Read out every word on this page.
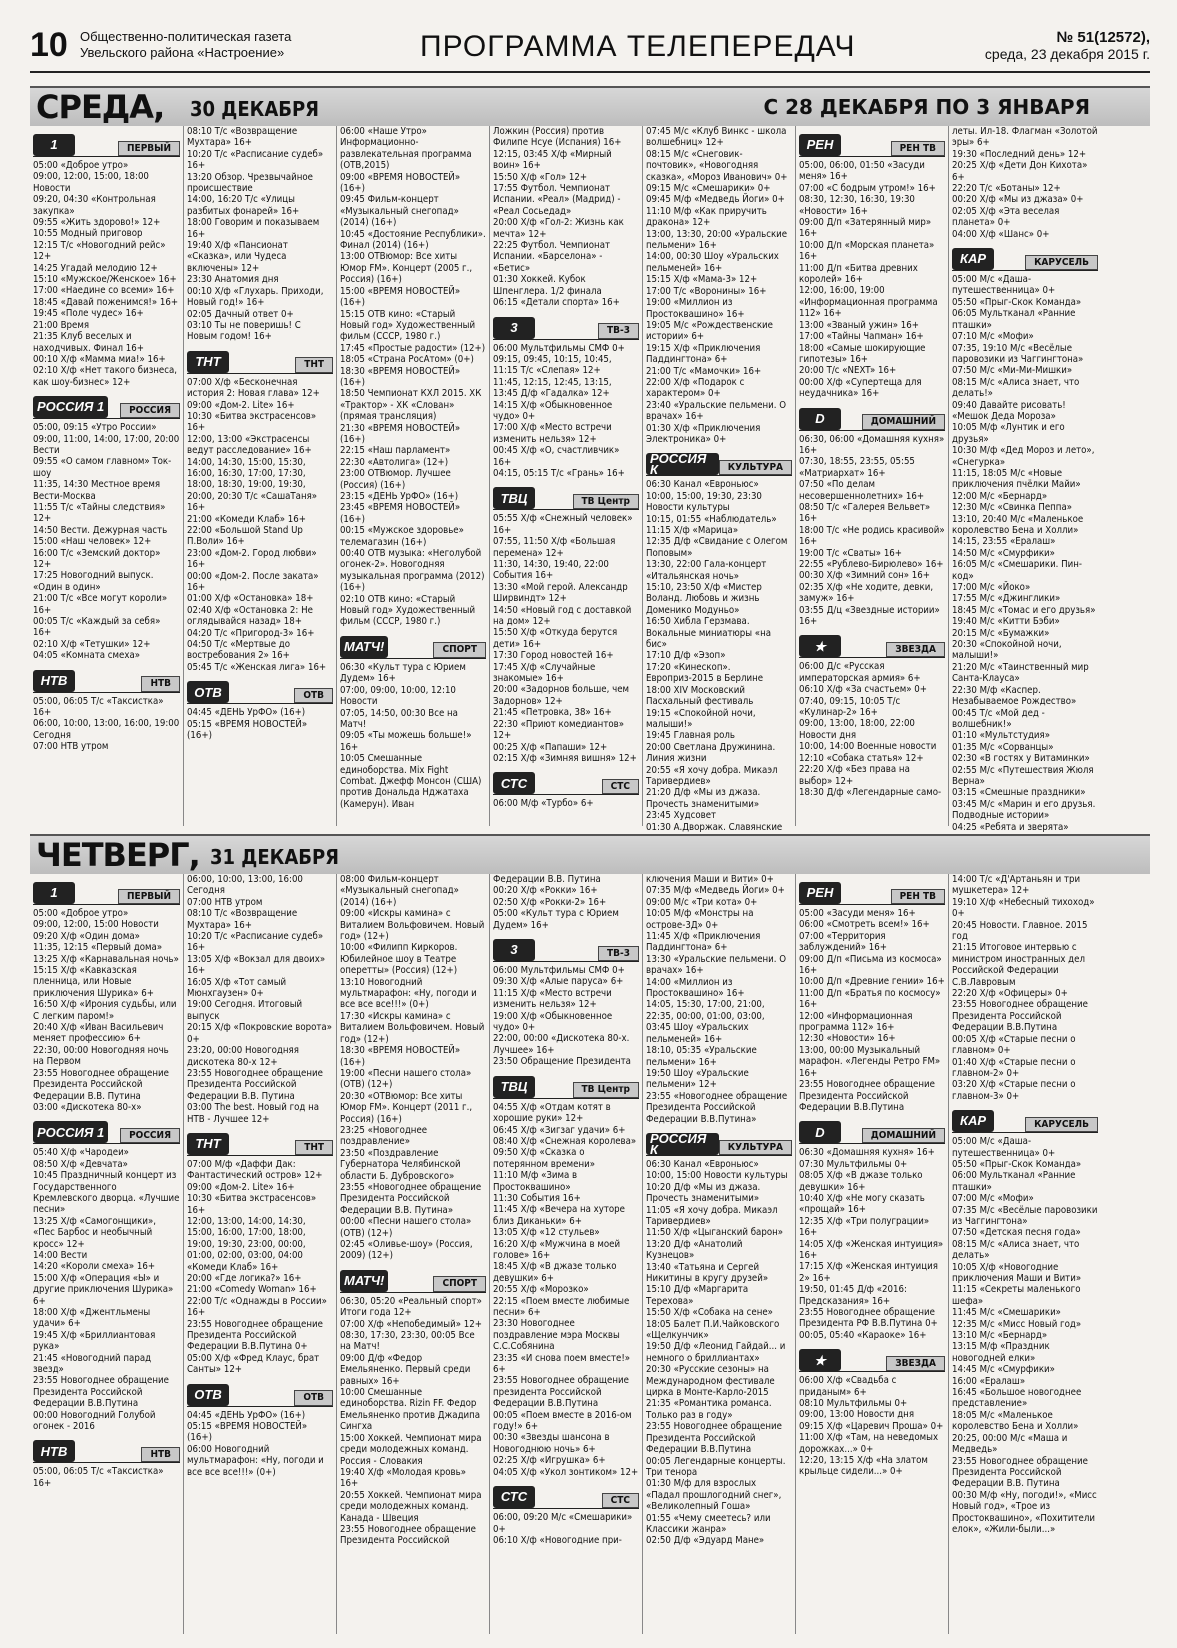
10 Общественно-политическая газета
Увельского района «Настроение»	ПРОГРАММА ТЕЛЕПЕРЕДАЧ	№ 51(12572),
среда, 23 декабря 2015 г.
СРЕДА, 30 ДЕКАБРЯ	С 28 ДЕКАБРЯ ПО 3 ЯНВАРЯ
1	ПЕРВЫЙ
05:00 «Доброе утро»
09:00, 12:00, 15:00, 18:00 Новости
09:20, 04:30 «Контрольная закупка»
09:55 «Жить здорово!» 12+
10:55 Модный приговор
12:15 Т/с «Новогодний рейс» 12+
14:25 Угадай мелодию 12+
15:10 «Мужское/Женское» 16+
17:00 «Наедине со всеми» 16+
18:45 «Давай поженимся!» 16+
19:45 «Поле чудес» 16+
21:00 Время
21:35 Клуб веселых и находчивых. Финал 16+
00:10 Х/ф «Мамма миа!» 16+
02:10 Х/ф «Нет такого бизнеса, как шоу-бизнес» 12+
РОССИЯ 1	РОССИЯ
05:00, 09:15 «Утро России»
09:00, 11:00, 14:00, 17:00, 20:00 Вести
09:55 «О самом главном» Ток-шоу
11:35, 14:30 Местное время Вести-Москва
11:55 Т/с «Тайны следствия» 12+
14:50 Вести. Дежурная часть
15:00 «Наш человек» 12+
16:00 Т/с «Земский доктор» 12+
17:25 Новогодний выпуск. «Один в один»
21:00 Т/с «Все могут короли» 16+
00:05 Т/с «Каждый за себя» 16+
02:10 Х/ф «Тетушки» 12+
04:05 «Комната смеха»
НТВ	НТВ
05:00, 06:05 Т/с «Таксистка» 16+
06:00, 10:00, 13:00, 16:00, 19:00 Сегодня
07:00 НТВ утром
08:10 Т/с «Возвращение Мухтара» 16+
10:20 Т/с «Расписание судеб» 16+
13:20 Обзор. Чрезвычайное происшествие
14:00, 16:20 Т/с «Улицы разбитых фонарей» 16+
18:00 Говорим и показываем 16+
19:40 Х/ф «Пансионат «Сказка», или Чудеса включены» 12+
23:30 Анатомия дня
00:10 Х/ф «Глухарь. Приходи, Новый год!» 16+
02:05 Дачный ответ 0+
03:10 Ты не поверишь! С Новым годом! 16+
ТНТ	ТНТ
07:00 Х/ф «Бесконечная история 2: Новая глава» 12+
09:00 «Дом-2. Lite» 16+
10:30 «Битва экстрасенсов» 16+
12:00, 13:00 «Экстрасенсы ведут расследование» 16+
14:00, 14:30, 15:00, 15:30, 16:00, 16:30, 17:00, 17:30, 18:00, 18:30, 19:00, 19:30, 20:00, 20:30 Т/с «СашаТаня» 16+
21:00 «Комеди Клаб» 16+
22:00 «Большой Stand Up П.Воли» 16+
23:00 «Дом-2. Город любви» 16+
00:00 «Дом-2. После заката» 16+
01:00 Х/ф «Остановка» 18+
02:40 Х/ф «Остановка 2: Не оглядывайся назад» 18+
04:20 Т/с «Пригород-3» 16+
04:50 Т/с «Мертвые до востребования 2» 16+
05:45 Т/с «Женская лига» 16+
ОТВ	ОТВ
04:45 «ДЕНЬ УрФО» (16+)
05:15 «ВРЕМЯ НОВОСТЕЙ» (16+)
06:00 «Наше Утро» Информационно-развлекательная программа (ОТВ,2015)
09:00 «ВРЕМЯ НОВОСТЕЙ» (16+)
09:45 Фильм-концерт «Музыкальный снегопад» (2014) (16+)
10:45 «Достояние Республики». Финал (2014) (16+)
13:00 ОТВюмор: Все хиты Юмор FM». Концерт (2005 г., Россия) (16+)
15:00 «ВРЕМЯ НОВОСТЕЙ» (16+)
15:15 ОТВ кино: «Старый Новый год» Художественный фильм (СССР, 1980 г.)
17:45 «Простые радости» (12+)
18:05 «Страна РосАтом» (0+)
18:30 «ВРЕМЯ НОВОСТЕЙ» (16+)
18:50 Чемпионат КХЛ 2015. ХК «Трактор» - ХК «Слован» (прямая трансляция)
21:30 «ВРЕМЯ НОВОСТЕЙ» (16+)
22:15 «Наш парламент»
22:30 «Автолига» (12+)
23:00 ОТВюмор. Лучшее (Россия) (16+)
23:15 «ДЕНЬ УрФО» (16+)
23:45 «ВРЕМЯ НОВОСТЕЙ» (16+)
00:15 «Мужское здоровье» телемагазин (16+)
00:40 ОТВ музыка: «Неголубой огонек-2». Новогодняя музыкальная программа (2012) (16+)
02:10 ОТВ кино: «Старый Новый год» Художественный фильм (СССР, 1980 г.)
МАТЧ!	СПОРТ
06:30 «Культ тура с Юрием Дудем» 16+
07:00, 09:00, 10:00, 12:10 Новости
07:05, 14:50, 00:30 Все на Матч!
09:05 «Ты можешь больше!» 16+
10:05 Смешанные единоборства. Mix Fight Combat. Джефф Монсон (США) против Дональда Нджатаха (Камерун). Иван
Ложкин (Россия) против Филипе Нсуе (Испания) 16+
12:15, 03:45 Х/ф «Мирный воин» 16+
15:50 Х/ф «Гол» 12+
17:55 Футбол. Чемпионат Испании. «Реал» (Мадрид) - «Реал Сосьедад»
20:00 Х/ф «Гол-2: Жизнь как мечта» 12+
22:25 Футбол. Чемпионат Испании. «Барселона» - «Бетис»
01:30 Хоккей. Кубок Шпенглера. 1/2 финала
06:15 «Детали спорта» 16+
3	ТВ-3
06:00 Мультфильмы СМФ 0+
09:15, 09:45, 10:15, 10:45, 11:15 Т/с «Слепая» 12+
11:45, 12:15, 12:45, 13:15, 13:45 Д/ф «Гадалка» 12+
14:15 Х/ф «Обыкновенное чудо» 0+
17:00 Х/ф «Место встречи изменить нельзя» 12+
00:45 Х/ф «О, счастливчик» 16+
04:15, 05:15 Т/с «Грань» 16+
ТВЦ	ТВ Центр
05:55 Х/ф «Снежный человек» 16+
07:55, 11:50 Х/ф «Большая перемена» 12+
11:30, 14:30, 19:40, 22:00 События 16+
13:30 «Мой герой. Александр Ширвиндт» 12+
14:50 «Новый год с доставкой на дом» 12+
15:50 Х/ф «Откуда берутся дети» 16+
17:30 Город новостей 16+
17:45 Х/ф «Случайные знакомые» 16+
20:00 «Задорнов больше, чем Задорнов» 12+
21:45 «Петровка, 38» 16+
22:30 «Приют комедиантов» 12+
00:25 Х/ф «Папаши» 12+
02:15 Х/ф «Зимняя вишня» 12+
СТС	СТС
06:00 М/ф «Турбо» 6+
07:45 М/с «Клуб Винкс - школа волшебниц» 12+
08:15 М/с «Снеговик-почтовик», «Новогодняя сказка», «Мороз Иванович» 0+
09:15 М/с «Смешарики» 0+
09:45 М/ф «Медведь Йоги» 0+
11:10 М/ф «Как приручить дракона» 12+
13:00, 13:30, 20:00 «Уральские пельмени» 16+
14:00, 00:30 Шоу «Уральских пельменей» 16+
15:15 Х/ф «Мама-3» 12+
17:00 Т/с «Воронины» 16+
19:00 «Миллион из Простоквашино» 16+
19:05 М/с «Рождественские истории» 6+
19:15 Х/ф «Приключения Паддингтона» 6+
21:00 Т/с «Мамочки» 16+
22:00 Х/ф «Подарок с характером» 0+
23:40 «Уральские пельмени. О врачах» 16+
01:30 Х/ф «Приключения Электроника» 0+
РОССИЯ К	КУЛЬТУРА
06:30 Канал «Евроньюс»
10:00, 15:00, 19:30, 23:30 Новости культуры
10:15, 01:55 «Наблюдатель»
11:15 Х/ф «Марица»
12:35 Д/ф «Свидание с Олегом Поповым»
13:30, 22:00 Гала-концерт «Итальянская ночь»
15:10, 23:50 Х/ф «Мистер Воланд. Любовь и жизнь Доменико Модуньо»
16:50 Хибла Герзмава. Вокальные миниатюры «на бис»
17:10 Д/ф «Эзоп»
17:20 «Кинескоп». Европриз-2015 в Берлине
18:00 XIV Московский Пасхальный фестиваль
19:15 «Спокойной ночи, малыши!»
19:45 Главная роль
20:00 Светлана Дружинина. Линия жизни
20:55 «Я хочу добра. Микаэл Таривердиев»
21:20 Д/ф «Мы из джаза. Прочесть знаменитыми»
23:45 Худсовет
01:30 А.Дворжак. Славянские
РЕН	РЕН ТВ
05:00, 06:00, 01:50 «Засуди меня» 16+
07:00 «С бодрым утром!» 16+
08:30, 12:30, 16:30, 19:30 «Новости» 16+
09:00 Д/п «Затерянный мир» 16+
10:00 Д/п «Морская планета» 16+
11:00 Д/п «Битва древних королей» 16+
12:00, 16:00, 19:00 «Информационная программа 112» 16+
13:00 «Званый ужин» 16+
17:00 «Тайны Чапман» 16+
18:00 «Самые шокирующие гипотезы» 16+
20:00 Т/с «NEXT» 16+
00:00 Х/ф «Супертеща для неудачника» 16+
D	ДОМАШНИЙ
06:30, 06:00 «Домашняя кухня» 16+
07:30, 18:55, 23:55, 05:55 «Матриархат» 16+
07:50 «По делам несовершеннолетних» 16+
08:50 Т/с «Галерея Вельвет» 16+
18:00 Т/с «Не родись красивой» 16+
19:00 Т/с «Сваты» 16+
22:55 «Рублево-Бирюлево» 16+
00:30 Х/ф «Зимний сон» 16+
02:35 Х/ф «Не ходите, девки, замуж» 16+
03:55 Д/ц «Звездные истории» 16+
★	ЗВЕЗДА
06:00 Д/с «Русская императорская армия» 6+
06:10 Х/ф «За счастьем» 0+
07:40, 09:15, 10:05 Т/с «Кулинар-2» 16+
09:00, 13:00, 18:00, 22:00 Новости дня
10:00, 14:00 Военные новости
12:10 «Собака статья» 12+
22:20 Х/ф «Без права на выбор» 12+
18:30 Д/ф «Легендарные само-
леты. Ил-18. Флагман «Золотой эры» 6+
19:30 «Последний день» 12+
20:25 Х/ф «Дети Дон Кихота» 6+
22:20 Т/с «Ботаны» 12+
00:20 Х/ф «Мы из джаза» 0+
02:05 Х/ф «Эта веселая планета» 0+
04:00 Х/ф «Шанс» 0+
КАР	КАРУСЕЛЬ
05:00 М/с «Даша-путешественница» 0+
05:50 «Прыг-Скок Команда»
06:05 Мультканал «Ранние пташки»
07:10 М/с «Мофи»
07:35, 19:10 М/с «Весёлые паровозики из Чаггингтона»
07:50 М/с «Ми-Ми-Мишки»
08:15 М/с «Алиса знает, что делать!»
09:40 Давайте рисовать! «Мешок Деда Мороза»
10:05 М/ф «Лунтик и его друзья»
10:30 М/ф «Дед Мороз и лето», «Снегурка»
11:15, 18:05 М/с «Новые приключения пчёлки Майи»
12:00 М/с «Бернард»
12:30 М/с «Свинка Пеппа»
13:10, 20:40 М/с «Маленькое королевство Бена и Холли»
14:15, 23:55 «Ералаш»
14:50 М/с «Смурфики»
16:05 М/с «Смешарики. Пин-код»
17:00 М/с «Йоко»
17:55 М/с «Джинглики»
18:45 М/с «Томас и его друзья»
19:40 М/с «Китти Бэби»
20:15 М/с «Бумажки»
20:30 «Спокойной ночи, малыши!»
21:20 М/с «Таинственный мир Санта-Клауса»
22:30 М/ф «Каспер. Незабываемое Рождество»
00:45 Т/с «Мой дед - волшебник!»
01:10 «Мультстудия»
01:35 М/с «Сорванцы»
02:30 «В гостях у Витаминки»
02:55 М/с «Путешествия Жюля Верна»
03:15 «Смешные праздники»
03:45 М/с «Марин и его друзья. Подводные истории»
04:25 «Ребята и зверята»
ЧЕТВЕРГ, 31 ДЕКАБРЯ
1	ПЕРВЫЙ
05:00 «Доброе утро»
09:00, 12:00, 15:00 Новости
09:20 Х/ф «Один дома»
11:35, 12:15 «Первый дома»
13:25 Х/ф «Карнавальная ночь»
15:15 Х/ф «Кавказская пленница, или Новые приключения Шурика» 6+
16:50 Х/ф «Ирония судьбы, или С легким паром!»
20:40 Х/ф «Иван Васильевич меняет профессию» 6+
22:30, 00:00 Новогодняя ночь на Первом
23:55 Новогоднее обращение Президента Российской Федерации В.В. Путина
03:00 «Дискотека 80-х»
РОССИЯ 1	РОССИЯ
05:40 Х/ф «Чародеи»
08:50 Х/ф «Девчата»
10:45 Праздничный концерт из Государственного Кремлевского дворца. «Лучшие песни»
13:25 Х/ф «Самогонщики», «Пес Барбос и необычный кросс» 12+
14:00 Вести
14:20 «Короли смеха» 16+
15:00 Х/ф «Операция «Ы» и другие приключения Шурика» 6+
18:00 Х/ф «Джентльмены удачи» 6+
19:45 Х/ф «Бриллиантовая рука»
21:45 «Новогодний парад звезд»
23:55 Новогоднее обращение Президента Российской Федерации В.В.Путина
00:00 Новогодний Голубой огонек - 2016
НТВ	НТВ
05:00, 06:05 Т/с «Таксистка» 16+
06:00, 10:00, 13:00, 16:00 Сегодня
07:00 НТВ утром
08:10 Т/с «Возвращение Мухтара» 16+
10:20 Т/с «Расписание судеб» 16+
13:05 Х/ф «Вокзал для двоих» 16+
16:05 Х/ф «Тот самый Мюнхгаузен» 0+
19:00 Сегодня. Итоговый выпуск
20:15 Х/ф «Покровские ворота» 0+
23:20, 00:00 Новогодняя дискотека 80-х 12+
23:55 Новогоднее обращение Президента Российской Федерации В.В. Путина
03:00 The best. Новый год на НТВ - Лучшее 12+
ТНТ	ТНТ
07:00 М/ф «Даффи Дак: Фантастический остров» 12+
09:00 «Дом-2. Lite» 16+
10:30 «Битва экстрасенсов» 16+
12:00, 13:00, 14:00, 14:30, 15:00, 16:00, 17:00, 18:00, 19:00, 19:30, 23:00, 00:00, 01:00, 02:00, 03:00, 04:00 «Комеди Клаб» 16+
20:00 «Где логика?» 16+
21:00 «Comedy Woman» 16+
22:00 Т/с «Однажды в России» 16+
23:55 Новогоднее обращение Президента Российской Федерации В.В.Путина 0+
05:00 Х/ф «Фред Клаус, брат Санты» 12+
ОТВ	ОТВ
04:45 «ДЕНЬ УрФО» (16+)
05:15 «ВРЕМЯ НОВОСТЕЙ» (16+)
06:00 Новогодний мультмарафон: «Ну, погоди и все все все!!!» (0+)
08:00 Фильм-концерт «Музыкальный снегопад» (2014) (16+)
09:00 «Искры камина» с Виталием Вольфовичем. Новый год» (12+)
10:00 «Филипп Киркоров. Юбилейное шоу в Театре оперетты» (Россия) (12+)
13:10 Новогодний мультмарафон: «Ну, погоди и все все все!!!» (0+)
17:30 «Искры камина» с Виталием Вольфовичем. Новый год» (12+)
18:30 «ВРЕМЯ НОВОСТЕЙ» (16+)
19:00 «Песни нашего стола» (ОТВ) (12+)
20:30 «ОТВюмор: Все хиты Юмор FM». Концерт (2011 г., Россия) (16+)
23:25 «Новогоднее поздравление»
23:50 «Поздравление Губернатора Челябинской области Б. Дубровского»
23:55 «Новогоднее обращение Президента Российской Федерации В.В. Путина»
00:00 «Песни нашего стола» (ОТВ) (12+)
02:45 «Оливье-шоу» (Россия, 2009) (12+)
МАТЧ!	СПОРТ
06:30, 05:20 «Реальный спорт» Итоги года 12+
07:00 Х/ф «Непобедимый» 12+
08:30, 17:30, 23:30, 00:05 Все на Матч!
09:00 Д/ф «Федор Емельяненко. Первый среди равных» 16+
10:00 Смешанные единоборства. Rizin FF. Федор Емельяненко против Джадипа Сингха
15:00 Хоккей. Чемпионат мира среди молодежных команд. Россия - Словакия
19:40 Х/ф «Молодая кровь» 16+
20:55 Хоккей. Чемпионат мира среди молодежных команд. Канада - Швеция
23:55 Новогоднее обращение Президента Российской
Федерации В.В. Путина
00:20 Х/ф «Рокки» 16+
02:50 Х/ф «Рокки-2» 16+
05:00 «Культ тура с Юрием Дудем» 16+
3	ТВ-3
06:00 Мультфильмы СМФ 0+
09:30 Х/ф «Алые паруса» 6+
11:15 Х/ф «Место встречи изменить нельзя» 12+
19:00 Х/ф «Обыкновенное чудо» 0+
22:00, 00:00 «Дискотека 80-х. Лучшее» 16+
23:50 Обращение Президента
ТВЦ	ТВ Центр
04:55 Х/ф «Отдам котят в хорошие руки» 12+
06:45 Х/ф «Зигзаг удачи» 6+
08:40 Х/ф «Снежная королева»
09:50 Х/ф «Сказка о потерянном времени»
11:10 М/ф «Зима в Простоквашино»
11:30 События 16+
11:45 Х/ф «Вечера на хуторе близ Диканьки» 6+
13:05 Х/ф «12 стульев»
16:20 Х/ф «Мужчина в моей голове» 16+
18:45 Х/ф «В джазе только девушки» 6+
20:55 Х/ф «Морозко»
22:15 «Поем вместе любимые песни» 6+
23:30 Новогоднее поздравление мэра Москвы С.С.Собянина
23:35 «И снова поем вместе!» 6+
23:55 Новогоднее обращение президента Российской Федерации В.В.Путина
00:05 «Поем вместе в 2016-ом году!» 6+
00:30 «Звезды шансона в Новогоднюю ночь» 6+
02:25 Х/ф «Игрушка» 6+
04:05 Х/ф «Укол зонтиком» 12+
СТС	СТС
06:00, 09:20 М/с «Смешарики» 0+
06:10 Х/ф «Новогодние при-
ключения Маши и Вити» 0+
07:35 М/ф «Медведь Йоги» 0+
09:00 М/с «Три кота» 0+
10:05 М/ф «Монстры на острове-3Д» 0+
11:45 Х/ф «Приключения Паддингтона» 6+
13:30 «Уральские пельмени. О врачах» 16+
14:00 «Миллион из Простоквашино» 16+
14:05, 15:30, 17:00, 21:00, 22:35, 00:00, 01:00, 03:00, 03:45 Шоу «Уральских пельменей» 16+
18:10, 05:35 «Уральские пельмени» 16+
19:50 Шоу «Уральские пельмени» 12+
23:55 «Новогоднее обращение Президента Российской Федерации В.В.Путина»
РОССИЯ К	КУЛЬТУРА
06:30 Канал «Евроньюс»
10:00, 15:00 Новости культуры
10:20 Д/ф «Мы из джаза. Прочесть знаменитыми»
11:05 «Я хочу добра. Микаэл Таривердиев»
11:50 Х/ф «Цыганский барон»
13:20 Д/ф «Анатолий Кузнецов»
13:40 «Татьяна и Сергей Никитины в кругу друзей»
15:10 Д/ф «Маргарита Терехова»
15:50 Х/ф «Собака на сене»
18:05 Балет П.И.Чайковского «Щелкунчик»
19:50 Д/ф «Леонид Гайдай... и немного о бриллиантах»
20:30 «Русские сезоны» на Международном фестивале цирка в Монте-Карло-2015
21:35 «Романтика романса. Только раз в году»
23:55 Новогоднее обращение Президента Российской Федерации В.В.Путина
00:05 Легендарные концерты. Три тенора
01:30 М/ф для взрослых «Падал прошлогодний снег», «Великолепный Гоша»
01:55 «Чему смеетесь? или Классики жанра»
02:50 Д/ф «Эдуард Мане»
РЕН	РЕН ТВ
05:00 «Засуди меня» 16+
06:00 «Смотреть всем!» 16+
07:00 «Территория заблуждений» 16+
09:00 Д/п «Письма из космоса» 16+
10:00 Д/п «Древние гении» 16+
11:00 Д/п «Братья по космосу» 16+
12:00 «Информационная программа 112» 16+
12:30 «Новости» 16+
13:00, 00:00 Музыкальный марафон. «Легенды Ретро FM» 16+
23:55 Новогоднее обращение Президента Российской Федерации В.В.Путина
D	ДОМАШНИЙ
06:30 «Домашняя кухня» 16+
07:30 Мультфильмы 0+
08:05 Х/ф «В джазе только девушки» 16+
10:40 Х/ф «Не могу сказать «прощай» 16+
12:35 Х/ф «Три полуграции» 16+
14:05 Х/ф «Женская интуиция» 16+
17:15 Х/ф «Женская интуиция 2» 16+
19:50, 01:45 Д/ф «2016: Предсказания» 16+
23:55 Новогоднее обращение Президента РФ В.В.Путина 0+
00:05, 05:40 «Караоке» 16+
★	ЗВЕЗДА
06:00 Х/ф «Свадьба с приданым» 6+
08:10 Мультфильмы 0+
09:00, 13:00 Новости дня
09:15 Х/ф «Царевич Проша» 0+
11:00 Х/ф «Там, на неведомых дорожках...» 0+
12:20, 13:15 Х/ф «На златом крыльце сидели...» 0+
14:00 Т/с «Д'Артаньян и три мушкетера» 12+
19:10 Х/ф «Небесный тихоход» 0+
20:45 Новости. Главное. 2015 год
21:15 Итоговое интервью с министром иностранных дел Российской Федерации С.В.Лавровым
22:20 Х/ф «Офицеры» 0+
23:55 Новогоднее обращение Президента Российской Федерации В.В.Путина
00:05 Х/ф «Старые песни о главном» 0+
01:40 Х/ф «Старые песни о главном-2» 0+
03:20 Х/ф «Старые песни о главном-3» 0+
КАР	КАРУСЕЛЬ
05:00 М/с «Даша-путешественница» 0+
05:50 «Прыг-Скок Команда»
06:00 Мультканал «Ранние пташки»
07:00 М/с «Мофи»
07:35 М/с «Весёлые паровозики из Чаггингтона»
07:50 «Детская песня года»
08:15 М/с «Алиса знает, что делать»
10:05 Х/ф «Новогодние приключения Маши и Вити»
11:15 «Секреты маленького шефа»
11:45 М/с «Смешарики»
12:35 М/с «Мисс Новый год»
13:10 М/с «Бернард»
13:15 М/ф «Праздник новогодней елки»
14:45 М/с «Смурфики»
16:00 «Ералаш»
16:45 «Большое новогоднее представление»
18:05 М/с «Маленькое королевство Бена и Холли»
20:25, 00:00 М/с «Маша и Медведь»
23:55 Новогоднее обращение Президента Российской Федерации В.В. Путина
00:30 М/ф «Ну, погоди!», «Мисс Новый год», «Трое из Простоквашино», «Похитители елок», «Жили-были...»
